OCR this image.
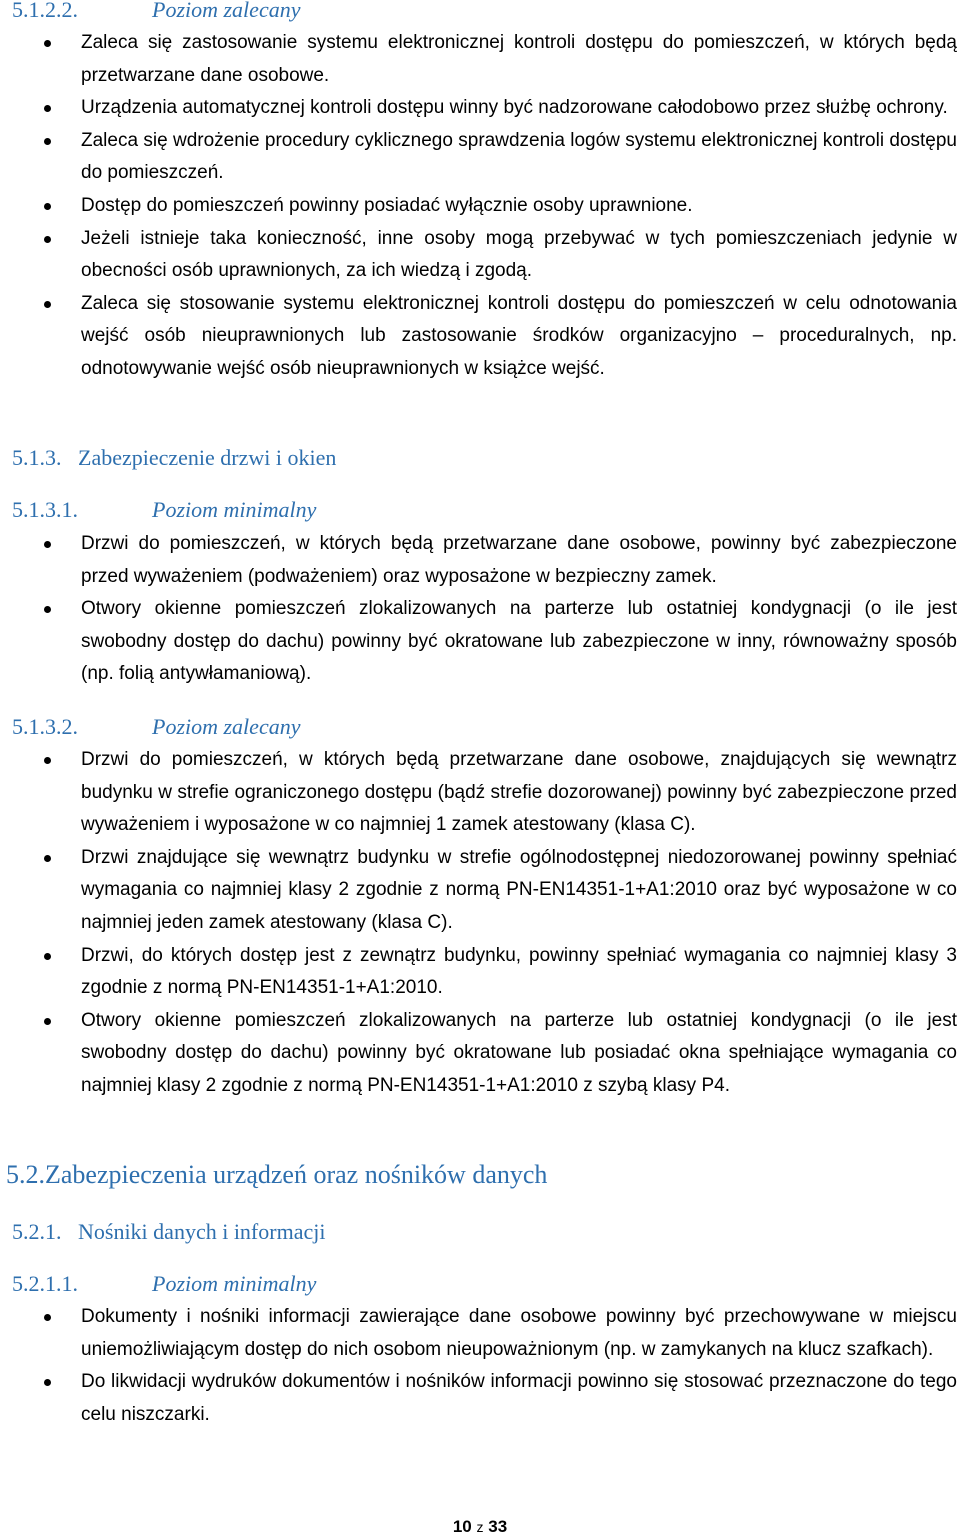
5.1.2.2.	Poziom zalecany
Zaleca się zastosowanie systemu elektronicznej kontroli dostępu do pomieszczeń, w których będą przetwarzane dane osobowe.
Urządzenia automatycznej kontroli dostępu winny być nadzorowane całodobowo przez służbę ochrony.
Zaleca się wdrożenie procedury cyklicznego sprawdzenia logów systemu elektronicznej kontroli dostępu do pomieszczeń.
Dostęp do pomieszczeń powinny posiadać wyłącznie osoby uprawnione.
Jeżeli istnieje taka konieczność, inne osoby mogą przebywać w tych pomieszczeniach jedynie w obecności osób uprawnionych, za ich wiedzą i zgodą.
Zaleca się stosowanie systemu elektronicznej kontroli dostępu do pomieszczeń w celu odnotowania wejść osób nieuprawnionych lub zastosowanie środków organizacyjno – proceduralnych, np. odnotowywanie wejść osób nieuprawnionych w książce wejść.
5.1.3. Zabezpieczenie drzwi i okien
5.1.3.1.	Poziom minimalny
Drzwi do pomieszczeń, w których będą przetwarzane dane osobowe, powinny być zabezpieczone przed wyważeniem (podważeniem) oraz wyposażone w bezpieczny zamek.
Otwory okienne pomieszczeń zlokalizowanych na parterze lub ostatniej kondygnacji (o ile jest swobodny dostęp do dachu) powinny być okratowane lub zabezpieczone w inny, równoważny sposób (np. folią antywłamaniową).
5.1.3.2.	Poziom zalecany
Drzwi do pomieszczeń, w których będą przetwarzane dane osobowe, znajdujących się wewnątrz budynku w strefie ograniczonego dostępu (bądź strefie dozorowanej) powinny być zabezpieczone przed wyważeniem i wyposażone w co najmniej 1 zamek atestowany (klasa C).
Drzwi znajdujące się wewnątrz budynku w strefie ogólnodostępnej niedozorowanej powinny spełniać wymagania co najmniej klasy 2 zgodnie z normą PN-EN14351-1+A1:2010 oraz być wyposażone w co najmniej jeden zamek atestowany (klasa C).
Drzwi, do których dostęp jest z zewnątrz budynku, powinny spełniać wymagania co najmniej klasy 3 zgodnie z normą PN-EN14351-1+A1:2010.
Otwory okienne pomieszczeń zlokalizowanych na parterze lub ostatniej kondygnacji (o ile jest swobodny dostęp do dachu) powinny być okratowane lub posiadać okna spełniające wymagania co najmniej klasy 2 zgodnie z normą PN-EN14351-1+A1:2010 z szybą klasy P4.
5.2.Zabezpieczenia urządzeń oraz nośników danych
5.2.1. Nośniki danych i informacji
5.2.1.1.	Poziom minimalny
Dokumenty i nośniki informacji zawierające dane osobowe powinny być przechowywane w miejscu uniemożliwiającym dostęp do nich osobom nieupoważnionym (np. w zamykanych na klucz szafkach).
Do likwidacji wydruków dokumentów i nośników informacji powinno się stosować przeznaczone do tego celu niszczarki.
10 z 33
